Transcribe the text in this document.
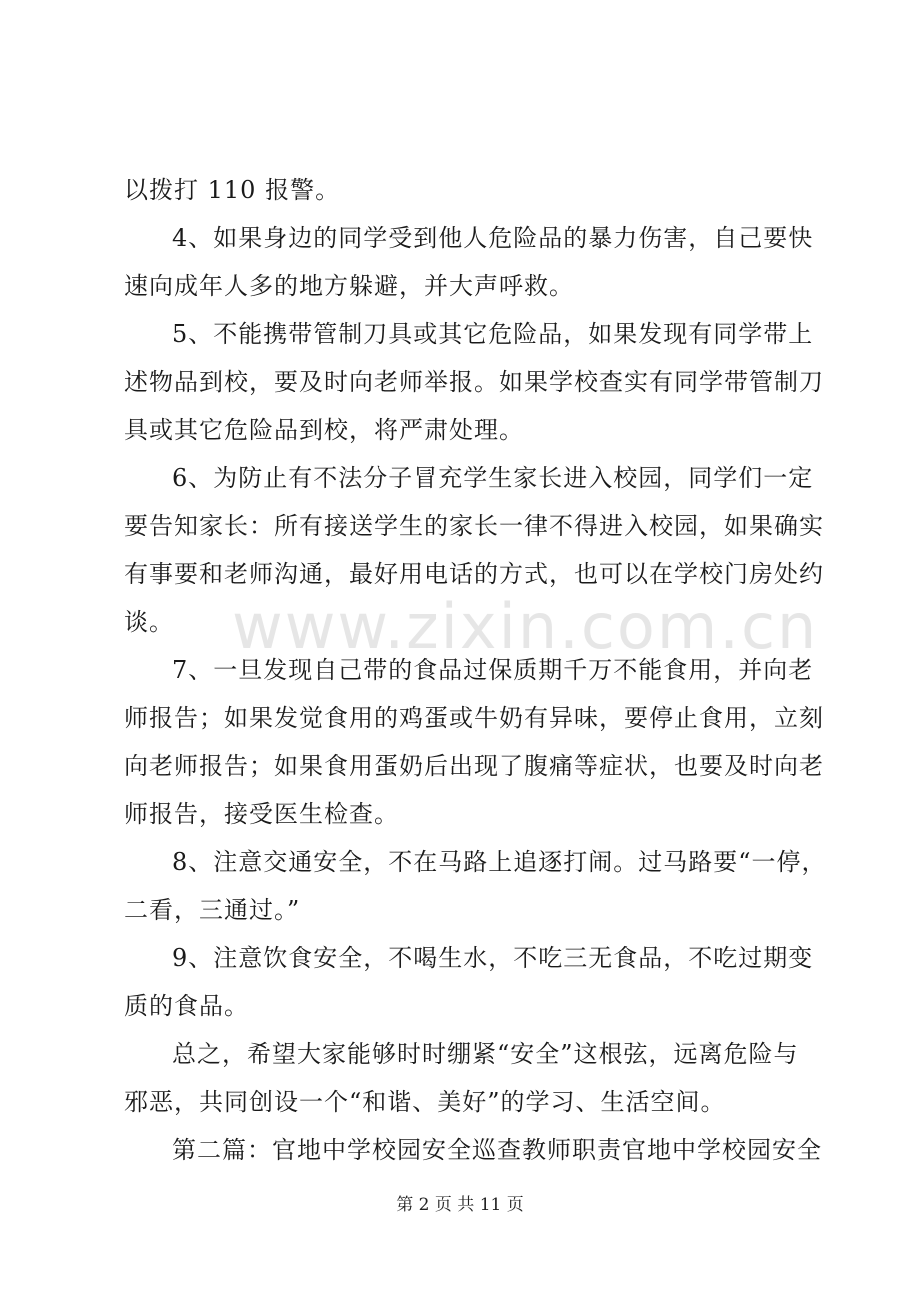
www.zixin.com.cn
以拨打 110 报警。
4、如果身边的同学受到他人危险品的暴力伤害，自己要快
速向成年人多的地方躲避，并大声呼救。
5、不能携带管制刀具或其它危险品，如果发现有同学带上
述物品到校，要及时向老师举报。如果学校查实有同学带管制刀
具或其它危险品到校，将严肃处理。
6、为防止有不法分子冒充学生家长进入校园，同学们一定
要告知家长：所有接送学生的家长一律不得进入校园，如果确实
有事要和老师沟通，最好用电话的方式，也可以在学校门房处约
谈。
7、一旦发现自己带的食品过保质期千万不能食用，并向老
师报告；如果发觉食用的鸡蛋或牛奶有异味，要停止食用，立刻
向老师报告；如果食用蛋奶后出现了腹痛等症状，也要及时向老
师报告，接受医生检查。
8、注意交通安全，不在马路上追逐打闹。过马路要“一停，
二看，三通过。”
9、注意饮食安全，不喝生水，不吃三无食品，不吃过期变
质的食品。
总之，希望大家能够时时绷紧“安全”这根弦，远离危险与
邪恶，共同创设一个“和谐、美好”的学习、生活空间。
第二篇：官地中学校园安全巡查教师职责官地中学校园安全
第 2 页 共 11 页
